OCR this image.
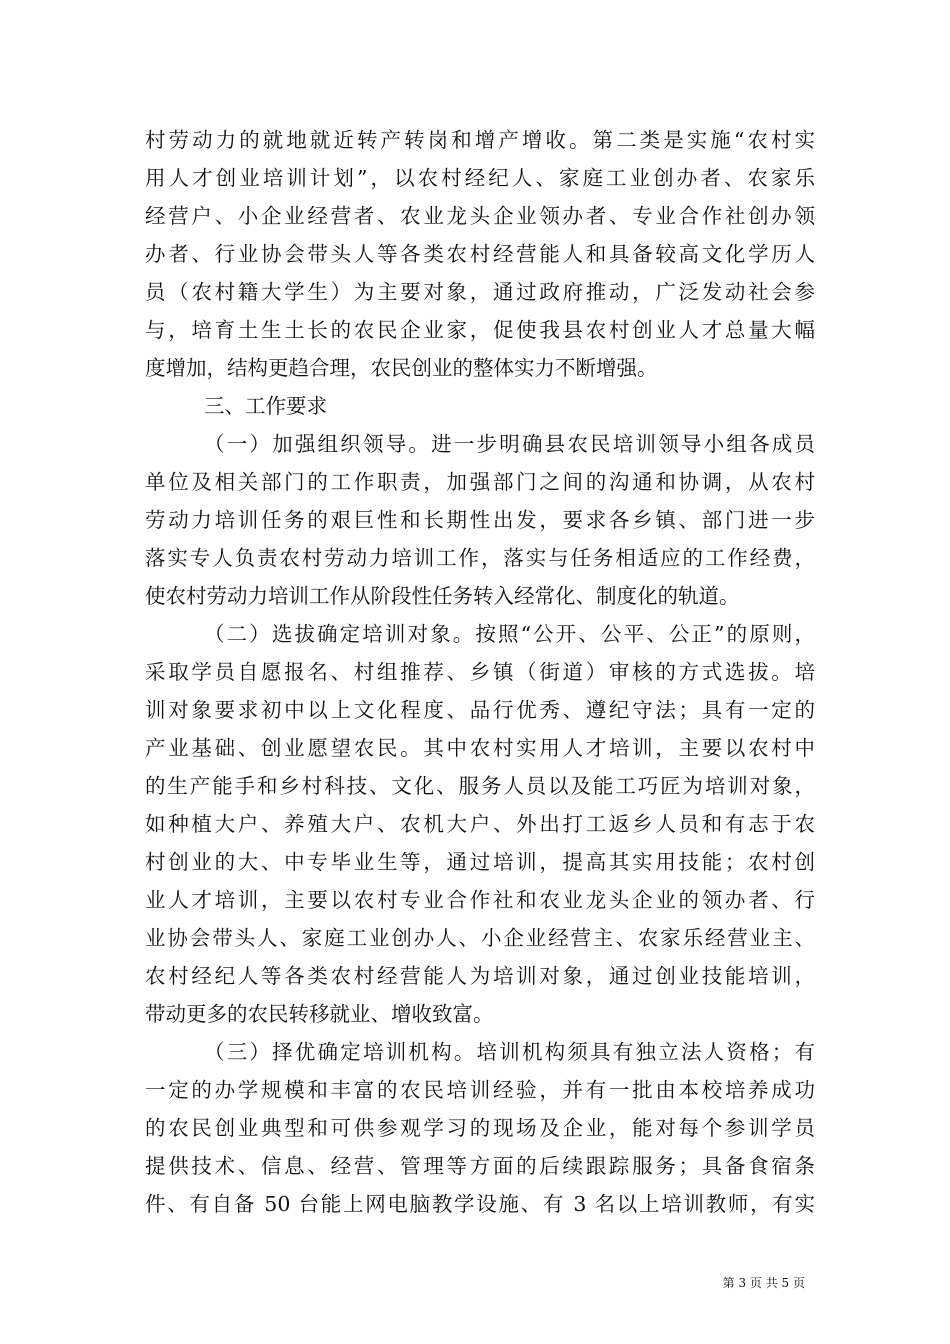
村劳动力的就地就近转产转岗和增产增收。第二类是实施“农村实
用人才创业培训计划”，以农村经纪人、家庭工业创办者、农家乐
经营户、小企业经营者、农业龙头企业领办者、专业合作社创办领
办者、行业协会带头人等各类农村经营能人和具备较高文化学历人
员（农村籍大学生）为主要对象，通过政府推动，广泛发动社会参
与，培育土生土长的农民企业家，促使我县农村创业人才总量大幅
度增加，结构更趋合理，农民创业的整体实力不断增强。
三、工作要求
（一）加强组织领导。进一步明确县农民培训领导小组各成员
单位及相关部门的工作职责，加强部门之间的沟通和协调，从农村
劳动力培训任务的艰巨性和长期性出发，要求各乡镇、部门进一步
落实专人负责农村劳动力培训工作，落实与任务相适应的工作经费，
使农村劳动力培训工作从阶段性任务转入经常化、制度化的轨道。
（二）选拔确定培训对象。按照“公开、公平、公正”的原则，
采取学员自愿报名、村组推荐、乡镇（街道）审核的方式选拔。培
训对象要求初中以上文化程度、品行优秀、遵纪守法；具有一定的
产业基础、创业愿望农民。其中农村实用人才培训，主要以农村中
的生产能手和乡村科技、文化、服务人员以及能工巧匠为培训对象，
如种植大户、养殖大户、农机大户、外出打工返乡人员和有志于农
村创业的大、中专毕业生等，通过培训，提高其实用技能；农村创
业人才培训，主要以农村专业合作社和农业龙头企业的领办者、行
业协会带头人、家庭工业创办人、小企业经营主、农家乐经营业主、
农村经纪人等各类农村经营能人为培训对象，通过创业技能培训，
带动更多的农民转移就业、增收致富。
（三）择优确定培训机构。培训机构须具有独立法人资格；有
一定的办学规模和丰富的农民培训经验，并有一批由本校培养成功
的农民创业典型和可供参观学习的现场及企业，能对每个参训学员
提供技术、信息、经营、管理等方面的后续跟踪服务；具备食宿条
件、有自备 50 台能上网电脑教学设施、有 3 名以上培训教师，有实
第 3 页 共 5 页
